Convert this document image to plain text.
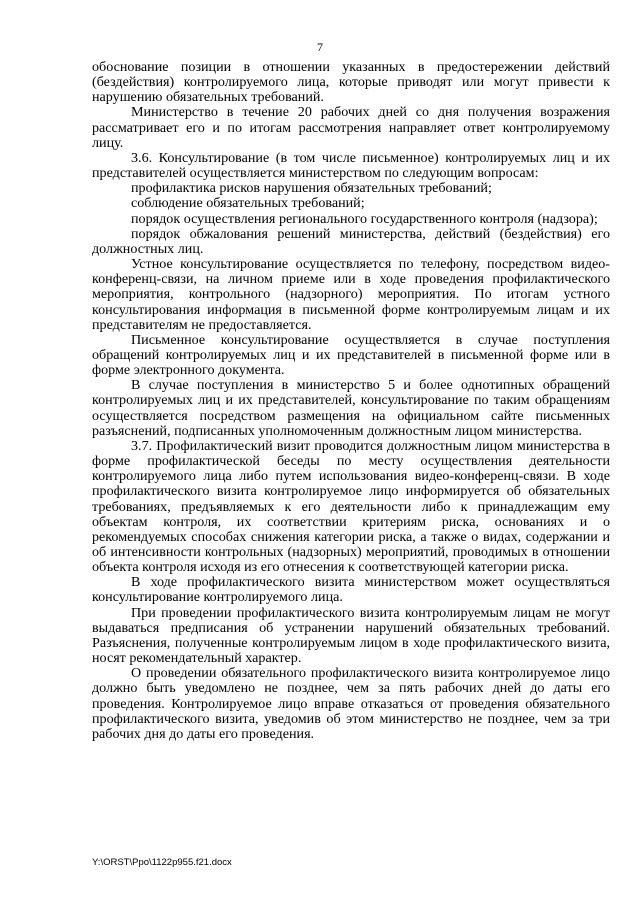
7

обоснование позиции в отношении указанных в предостережении действий (бездействия) контролируемого лица, которые приводят или могут привести к нарушению обязательных требований.

Министерство в течение 20 рабочих дней со дня получения возражения рассматривает его и по итогам рассмотрения направляет ответ контролируемому лицу.

3.6. Консультирование (в том числе письменное) контролируемых лиц и их представителей осуществляется министерством по следующим вопросам:

профилактика рисков нарушения обязательных требований;

соблюдение обязательных требований;

порядок осуществления регионального государственного контроля (надзора);

порядок обжалования решений министерства, действий (бездействия) его должностных лиц.

Устное консультирование осуществляется по телефону, посредством видео-конференц-связи, на личном приеме или в ходе проведения профилактического мероприятия, контрольного (надзорного) мероприятия. По итогам устного консультирования информация в письменной форме контролируемым лицам и их представителям не предоставляется.

Письменное консультирование осуществляется в случае поступления обращений контролируемых лиц и их представителей в письменной форме или в форме электронного документа.

В случае поступления в министерство 5 и более однотипных обращений контролируемых лиц и их представителей, консультирование по таким обращениям осуществляется посредством размещения на официальном сайте письменных разъяснений, подписанных уполномоченным должностным лицом министерства.

3.7. Профилактический визит проводится должностным лицом министерства в форме профилактической беседы по месту осуществления деятельности контролируемого лица либо путем использования видео-конференц-связи. В ходе профилактического визита контролируемое лицо информируется об обязательных требованиях, предъявляемых к его деятельности либо к принадлежащим ему объектам контроля, их соответствии критериям риска, основаниях и о рекомендуемых способах снижения категории риска, а также о видах, содержании и об интенсивности контрольных (надзорных) мероприятий, проводимых в отношении объекта контроля исходя из его отнесения к соответствующей категории риска.

В ходе профилактического визита министерством может осуществляться консультирование контролируемого лица.

При проведении профилактического визита контролируемым лицам не могут выдаваться предписания об устранении нарушений обязательных требований. Разъяснения, полученные контролируемым лицом в ходе профилактического визита, носят рекомендательный характер.

О проведении обязательного профилактического визита контролируемое лицо должно быть уведомлено не позднее, чем за пять рабочих дней до даты его проведения. Контролируемое лицо вправе отказаться от проведения обязательного профилактического визита, уведомив об этом министерство не позднее, чем за три рабочих дня до даты его проведения.

Y:\ORST\Ppo\1122p955.f21.docx
